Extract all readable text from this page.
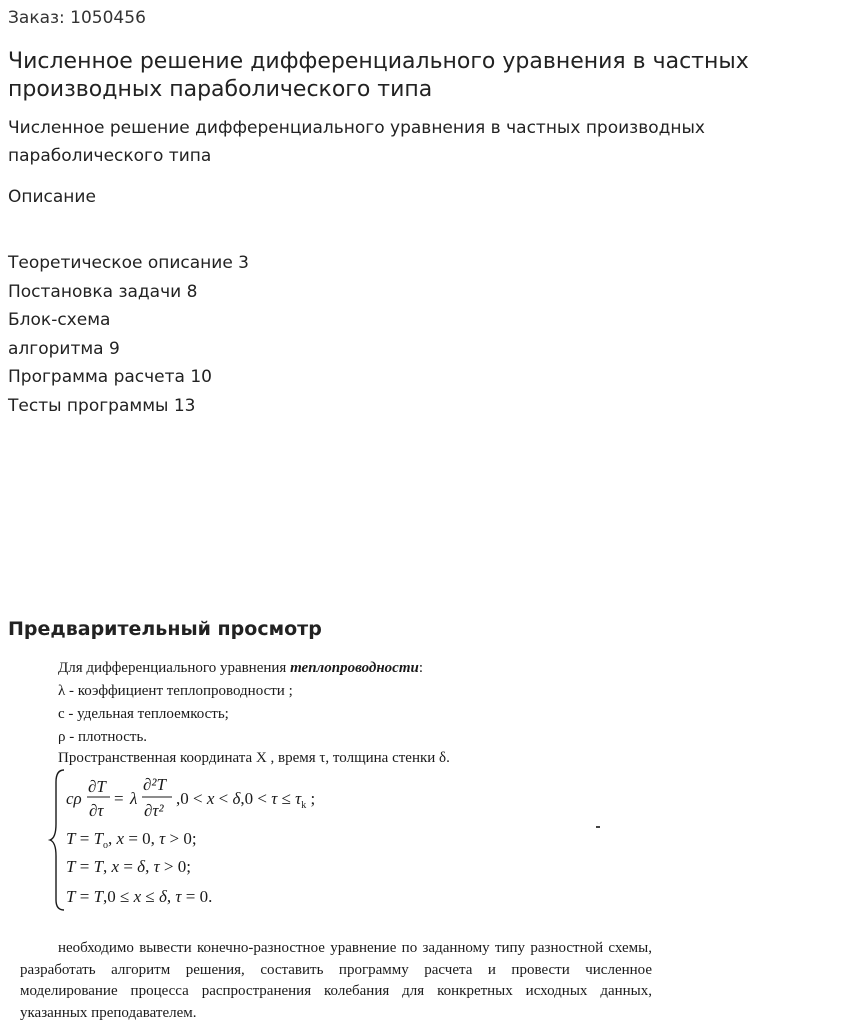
Заказ: 1050456
Численное решение дифференциального уравнения в частных производных параболического типа
Численное решение дифференциального уравнения в частных производных параболического типа
Описание
Теоретическое описание 3
Постановка задачи 8
Блок-схема
алгоритма 9
Программа расчета 10
Тесты программы 13
Предварительный просмотр
Для дифференциального уравнения теплопроводности:
λ - коэффициент теплопроводности ;
c - удельная теплоемкость;
ρ - плотность.
Пространственная координата X , время τ, толщина стенки δ.
cρ
∂T
∂τ
= λ
∂²T
∂τ²
$,0 < x < \delta,0 < \tau \le \tau_k$ ;
$T = T_o$, x = 0, τ > 0;
T = T, x = δ, τ > 0;
T = T,0 ≤ x ≤ δ, τ = 0.
необходимо вывести конечно-разностное уравнение по заданному типу разностной схемы, разработать алгоритм решения, составить программу расчета и провести численное моделирование процесса распространения колебания для конкретных исходных данных, указанных преподавателем.
